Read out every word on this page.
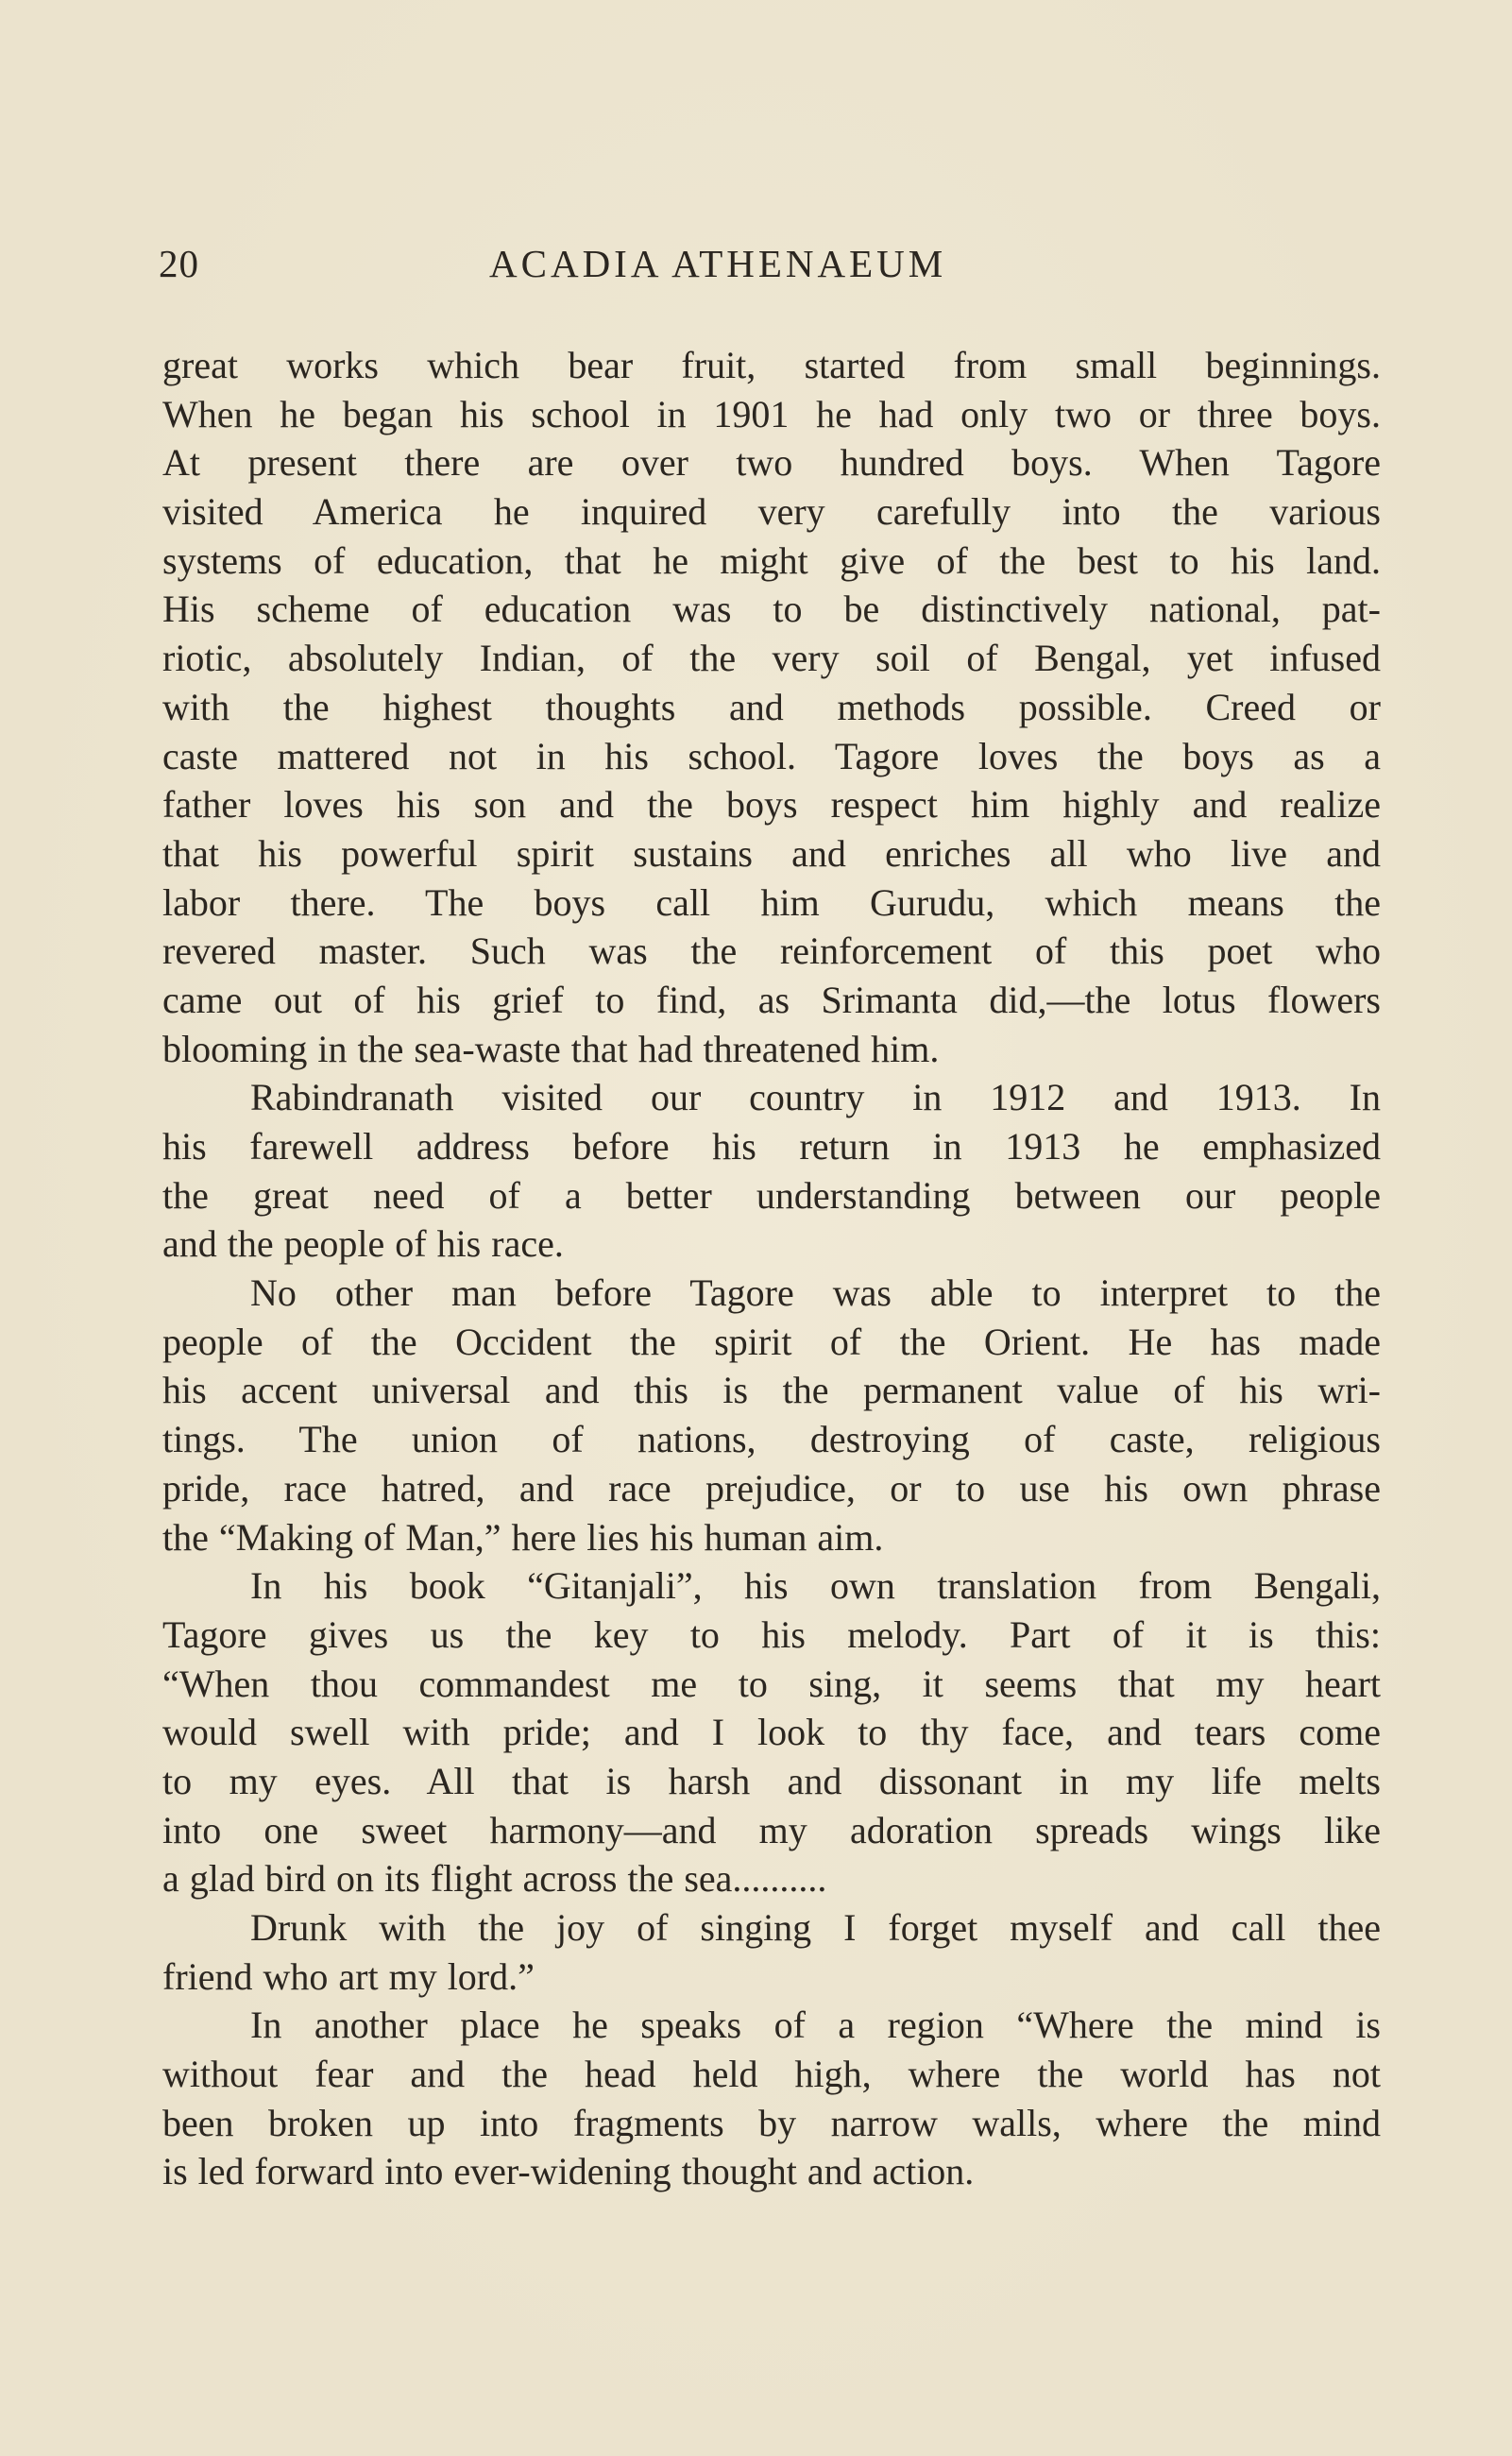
20	ACADIA ATHENAEUM
great works which bear fruit, started from small beginnings.
When he began his school in 1901 he had only two or three boys.
At present there are over two hundred boys. When Tagore
visited America he inquired very carefully into the various
systems of education, that he might give of the best to his land.
His scheme of education was to be distinctively national, pat-
riotic, absolutely Indian, of the very soil of Bengal, yet infused
with the highest thoughts and methods possible. Creed or
caste mattered not in his school. Tagore loves the boys as a
father loves his son and the boys respect him highly and realize
that his powerful spirit sustains and enriches all who live and
labor there. The boys call him Gurudu, which means the
revered master. Such was the reinforcement of this poet who
came out of his grief to find, as Srimanta did,—the lotus flowers
blooming in the sea-waste that had threatened him.
Rabindranath visited our country in 1912 and 1913. In
his farewell address before his return in 1913 he emphasized
the great need of a better understanding between our people
and the people of his race.
No other man before Tagore was able to interpret to the
people of the Occident the spirit of the Orient. He has made
his accent universal and this is the permanent value of his wri-
tings. The union of nations, destroying of caste, religious
pride, race hatred, and race prejudice, or to use his own phrase
the “Making of Man,” here lies his human aim.
In his book “Gitanjali”, his own translation from Bengali,
Tagore gives us the key to his melody. Part of it is this:
“When thou commandest me to sing, it seems that my heart
would swell with pride; and I look to thy face, and tears come
to my eyes. All that is harsh and dissonant in my life melts
into one sweet harmony—and my adoration spreads wings like
a glad bird on its flight across the sea..........
Drunk with the joy of singing I forget myself and call thee
friend who art my lord.”
In another place he speaks of a region “Where the mind is
without fear and the head held high, where the world has not
been broken up into fragments by narrow walls, where the mind
is led forward into ever-widening thought and action.
